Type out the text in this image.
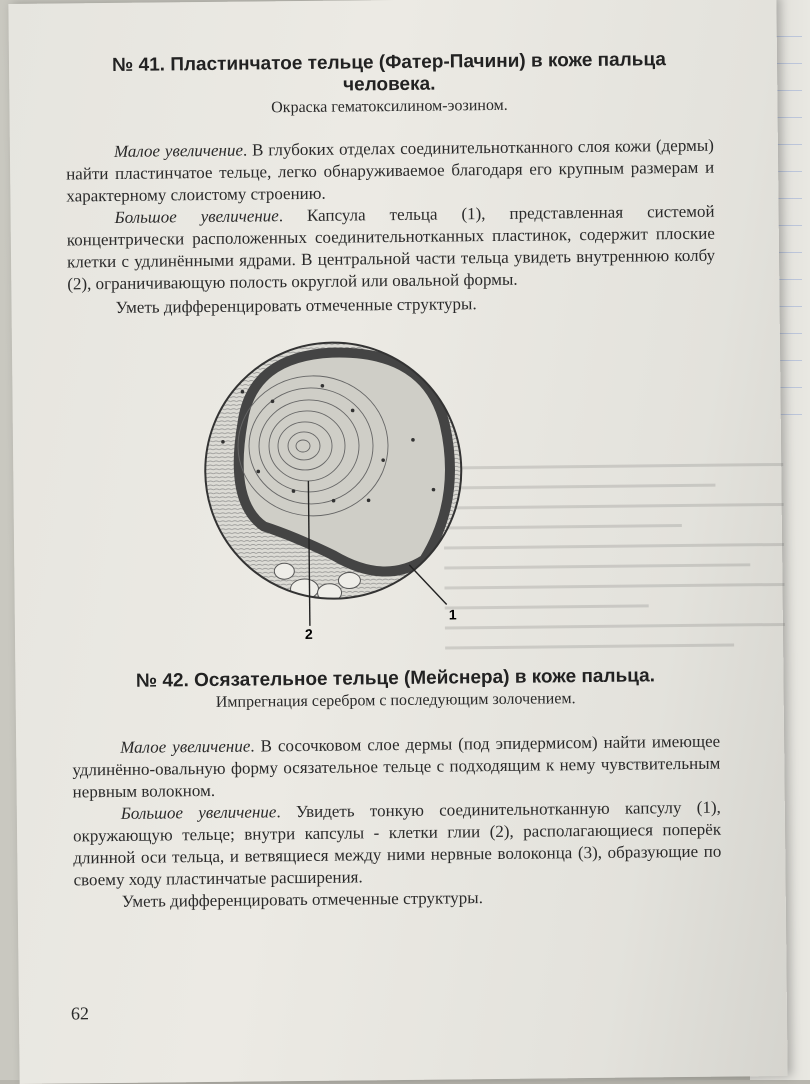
№ 41. Пластинчатое тельце (Фатер-Пачини) в коже пальца человека.
Окраска гематоксилином-эозином.

Малое увеличение. В глубоких отделах соединительнотканного слоя кожи (дермы) найти пластинчатое тельце, легко обнаруживаемое благодаря его крупным размерам и характерному слоистому строению.

Большое увеличение. Капсула тельца (1), представленная системой концентрически расположенных соединительнотканных пластинок, содержит плоские клетки с удлинёнными ядрами. В центральной части тельца увидеть внутреннюю колбу (2), ограничивающую полость округлой или овальной формы.

Уметь дифференцировать отмеченные структуры.

№ 42. Осязательное тельце (Мейснера) в коже пальца.
Импрегнация серебром с последующим золочением.

Малое увеличение. В сосочковом слое дермы (под эпидермисом) найти имеющее удлинённо-овальную форму осязательное тельце с подходящим к нему чувствительным нервным волокном.

Большое увеличение. Увидеть тонкую соединительнотканную капсулу (1), окружающую тельце; внутри капсулы - клетки глии (2), располагающиеся поперёк длинной оси тельца, и ветвящиеся между ними нервные волоконца (3), образующие по своему ходу пластинчатые расширения.

Уметь дифференцировать отмеченные структуры.

2
1
62
